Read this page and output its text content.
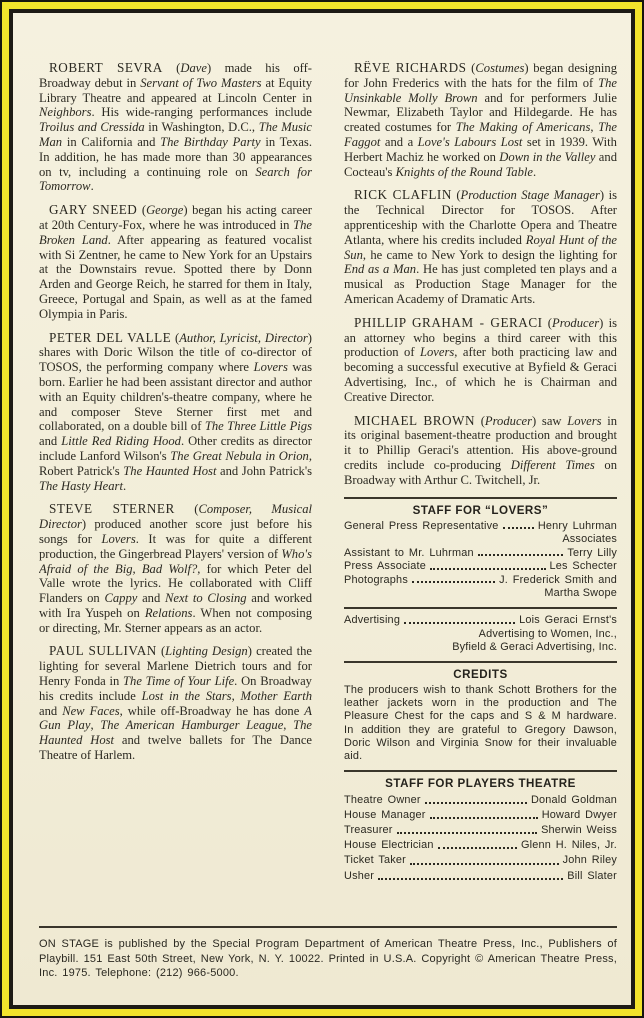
ROBERT SEVRA (Dave) made his off-Broadway debut in Servant of Two Masters at Equity Library Theatre and appeared at Lincoln Center in Neighbors. His wide-ranging performances include Troilus and Cressida in Washington, D.C., The Music Man in California and The Birthday Party in Texas. In addition, he has made more than 30 appearances on tv, including a continuing role on Search for Tomorrow.

GARY SNEED (George) began his acting career at 20th Century-Fox, where he was introduced in The Broken Land. After appearing as featured vocalist with Si Zentner, he came to New York for an Upstairs at the Downstairs revue. Spotted there by Donn Arden and George Reich, he starred for them in Italy, Greece, Portugal and Spain, as well as at the famed Olympia in Paris.

PETER DEL VALLE (Author, Lyricist, Director) shares with Doric Wilson the title of co-director of TOSOS, the performing company where Lovers was born. Earlier he had been assistant director and author with an Equity children's-theatre company, where he and composer Steve Sterner first met and collaborated, on a double bill of The Three Little Pigs and Little Red Riding Hood. Other credits as director include Lanford Wilson's The Great Nebula in Orion, Robert Patrick's The Haunted Host and John Patrick's The Hasty Heart.

STEVE STERNER (Composer, Musical Director) produced another score just before his songs for Lovers. It was for quite a different production, the Gingerbread Players' version of Who's Afraid of the Big, Bad Wolf?, for which Peter del Valle wrote the lyrics. He collaborated with Cliff Flanders on Cappy and Next to Closing and worked with Ira Yuspeh on Relations. When not composing or directing, Mr. Sterner appears as an actor.

PAUL SULLIVAN (Lighting Design) created the lighting for several Marlene Dietrich tours and for Henry Fonda in The Time of Your Life. On Broadway his credits include Lost in the Stars, Mother Earth and New Faces, while off-Broadway he has done A Gun Play, The American Hamburger League, The Haunted Host and twelve ballets for The Dance Theatre of Harlem.

RÊVE RICHARDS (Costumes) began designing for John Frederics with the hats for the film of The Unsinkable Molly Brown and for performers Julie Newmar, Elizabeth Taylor and Hildegarde. He has created costumes for The Making of Americans, The Faggot and a Love's Labours Lost set in 1939. With Herbert Machiz he worked on Down in the Valley and Cocteau's Knights of the Round Table.

RICK CLAFLIN (Production Stage Manager) is the Technical Director for TOSOS. After apprenticeship with the Charlotte Opera and Theatre Atlanta, where his credits included Royal Hunt of the Sun, he came to New York to design the lighting for End as a Man. He has just completed ten plays and a musical as Production Stage Manager for the American Academy of Dramatic Arts.

PHILLIP GRAHAM - GERACI (Producer) is an attorney who begins a third career with this production of Lovers, after both practicing law and becoming a successful executive at Byfield & Geraci Advertising, Inc., of which he is Chairman and Creative Director.

MICHAEL BROWN (Producer) saw Lovers in its original basement-theatre production and brought it to Phillip Geraci's attention. His above-ground credits include co-producing Different Times on Broadway with Arthur C. Twitchell, Jr.

STAFF FOR “LOVERS”
General Press Representative	Henry Luhrman
Associates
Assistant to Mr. Luhrman	Terry Lilly
Press Associate	Les Schecter
Photographs	J. Frederick Smith and
Martha Swope
Advertising	Lois Geraci Ernst's
Advertising to Women, Inc.,
Byfield & Geraci Advertising, Inc.
CREDITS
The producers wish to thank Schott Brothers for the leather jackets worn in the production and The Pleasure Chest for the caps and S & M hardware. In addition they are grateful to Gregory Dawson, Doric Wilson and Virginia Snow for their invaluable aid.
STAFF FOR PLAYERS THEATRE
Theatre Owner	Donald Goldman
House Manager	Howard Dwyer
Treasurer	Sherwin Weiss
House Electrician	Glenn H. Niles, Jr.
Ticket Taker	John Riley
Usher	Bill Slater
ON STAGE is published by the Special Program Department of American Theatre Press, Inc., Publishers of Playbill. 151 East 50th Street, New York, N. Y. 10022. Printed in U.S.A. Copyright © American Theatre Press, Inc. 1975. Telephone: (212) 966-5000.
